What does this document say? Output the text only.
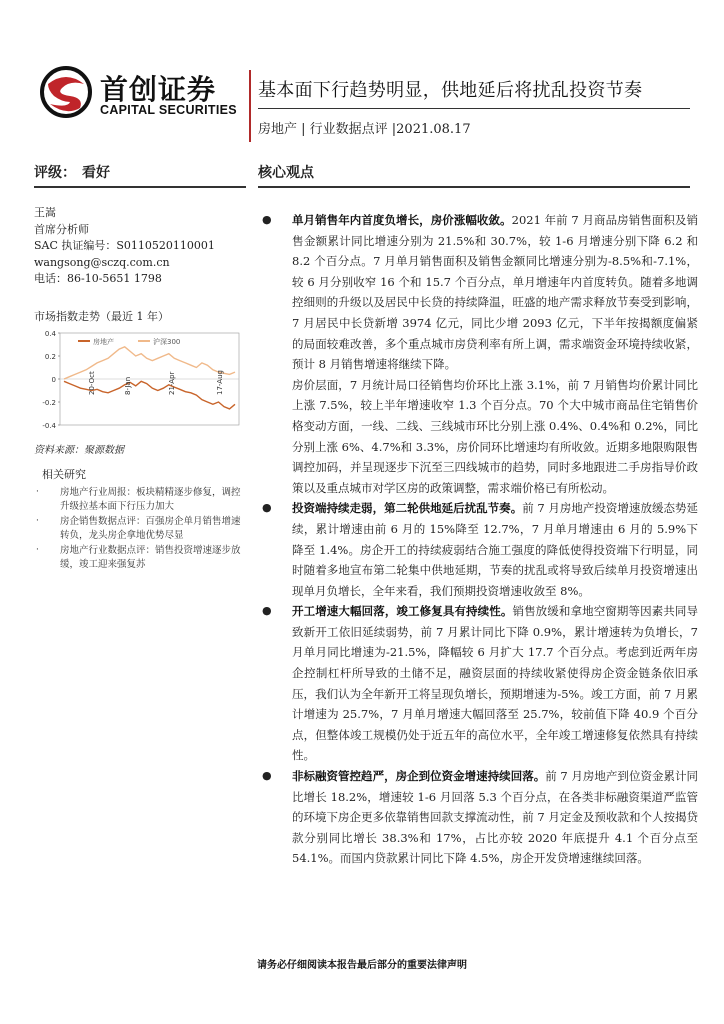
首创证券
CAPITAL SECURITIES
基本面下行趋势明显，供地延后将扰乱投资节奏
房地产 | 行业数据点评 |2021.08.17
评级： 看好	核心观点
王嵩
首席分析师
SAC 执证编号：S0110520110001
wangsong@sczq.com.cn
电话：86-10-5651 1798
市场指数走势（最近 1 年）
0.4
0.2
0
-0.2
-0.4
房地产	沪深300
20-Oct	8-Jan	21-Apr	17-Aug
资料来源：聚源数据
相关研究
· 房地产行业周报：板块精精逐步修复，调控升级拉基本面下行压力加大
· 房企销售数据点评：百强房企单月销售增速转负，龙头房企拿地优势尽显
· 房地产行业数据点评：销售投资增速逐步放缓，竣工迎来强复苏
● 单月销售年内首度负增长，房价涨幅收敛。2021 年前 7 月商品房销售面积及销售金额累计同比增速分别为 21.5%和 30.7%，较 1-6 月增速分别下降 6.2 和 8.2 个百分点。7 月单月销售面积及销售金额同比增速分别为-8.5%和-7.1%，较 6 月分别收窄 16 个和 15.7 个百分点，单月增速年内首度转负。随着多地调控细则的升级以及居民中长贷的持续降温，旺盛的地产需求释放节奏受到影响，7 月居民中长贷新增 3974 亿元，同比少增 2093 亿元，下半年按揭额度偏紧的局面较难改善，多个重点城市房贷利率有所上调，需求端资金环境持续收紧，预计 8 月销售增速将继续下降。
房价层面，7 月统计局口径销售均价环比上涨 3.1%，前 7 月销售均价累计同比上涨 7.5%，较上半年增速收窄 1.3 个百分点。70 个大中城市商品住宅销售价格变动方面，一线、二线、三线城市环比分别上涨 0.4%、0.4%和 0.2%，同比分别上涨 6%、4.7%和 3.3%，房价同环比增速均有所收敛。近期多地限购限售调控加码，并呈现逐步下沉至三四线城市的趋势，同时多地跟进二手房指导价政策以及重点城市对学区房的政策调整，需求端价格已有所松动。
● 投资端持续走弱，第二轮供地延后扰乱节奏。前 7 月房地产投资增速放缓态势延续，累计增速由前 6 月的 15%降至 12.7%，7 月单月增速由 6 月的 5.9%下降至 1.4%。房企开工的持续疲弱结合施工强度的降低使得投资端下行明显，同时随着多地宣布第二轮集中供地延期，节奏的扰乱或将导致后续单月投资增速出现单月负增长，全年来看，我们预期投资增速收敛至 8%。
● 开工增速大幅回落，竣工修复具有持续性。销售放缓和拿地空窗期等因素共同导致新开工依旧延续弱势，前 7 月累计同比下降 0.9%，累计增速转为负增长，7 月单月同比增速为-21.5%，降幅较 6 月扩大 17.7 个百分点。考虑到近两年房企控制杠杆所导致的土储不足，融资层面的持续收紧使得房企资金链条依旧承压，我们认为全年新开工将呈现负增长，预期增速为-5%。竣工方面，前 7 月累计增速为 25.7%，7 月单月增速大幅回落至 25.7%，较前值下降 40.9 个百分点，但整体竣工规模仍处于近五年的高位水平，全年竣工增速修复依然具有持续性。
● 非标融资管控趋严，房企到位资金增速持续回落。前 7 月房地产到位资金累计同比增长 18.2%，增速较 1-6 月回落 5.3 个百分点，在各类非标融资渠道严监管的环境下房企更多依靠销售回款支撑流动性，前 7 月定金及预收款和个人按揭贷款分别同比增长 38.3%和 17%，占比亦较 2020 年底提升 4.1 个百分点至 54.1%。而国内贷款累计同比下降 4.5%，房企开发贷增速继续回落。
请务必仔细阅读本报告最后部分的重要法律声明
